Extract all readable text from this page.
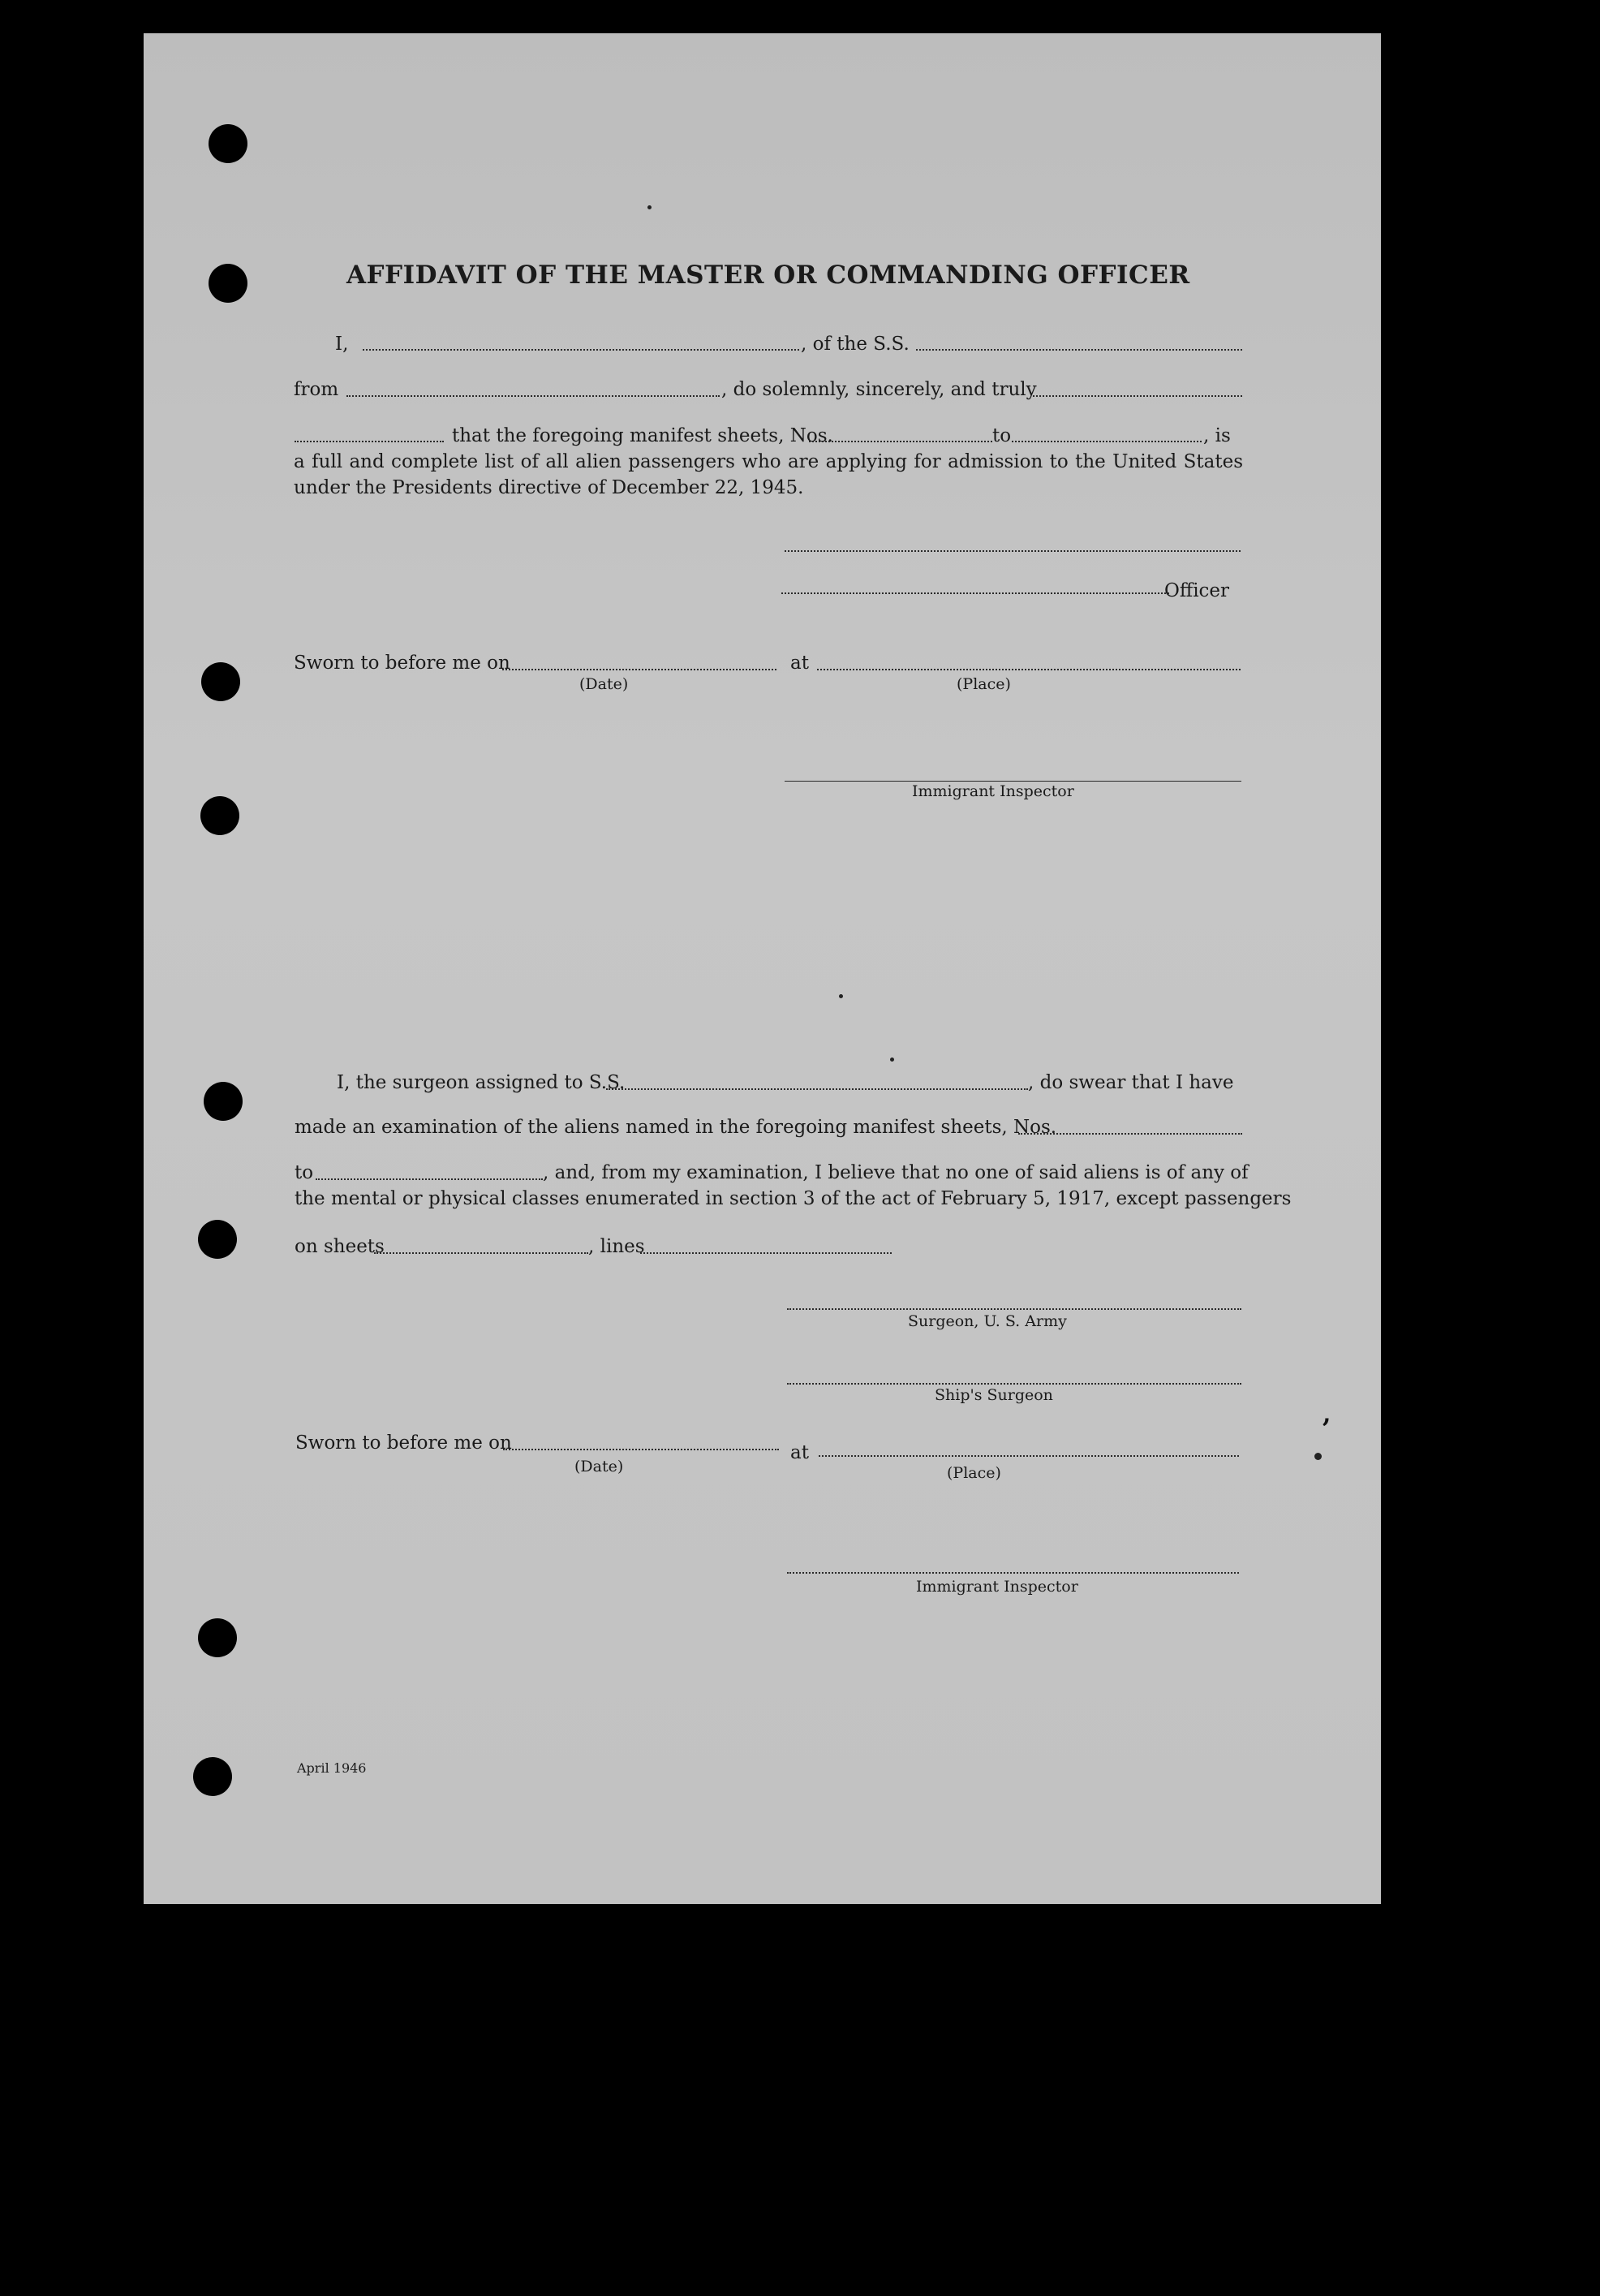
AFFIDAVIT OF THE MASTER OR COMMANDING OFFICER
I,	, of the S.S.
from	, do solemnly, sincerely, and truly
that the foregoing manifest sheets, Nos.	to	, is
a full and complete list of all alien passengers who are applying for admission to the United States under the Presidents directive of December 22, 1945.
Officer
Sworn to before me on	at
(Date)	(Place)
Immigrant Inspector
I, the surgeon assigned to S.S.	, do swear that I have
made an examination of the aliens named in the foregoing manifest sheets, Nos.
to	, and, from my examination, I believe that no one of said aliens is of any of
the mental or physical classes enumerated in section 3 of the act of February 5, 1917, except passengers
on sheets	, lines
Surgeon, U. S. Army
Ship's Surgeon
Sworn to before me on	at
(Date)	(Place)
Immigrant Inspector
April 1946
,
